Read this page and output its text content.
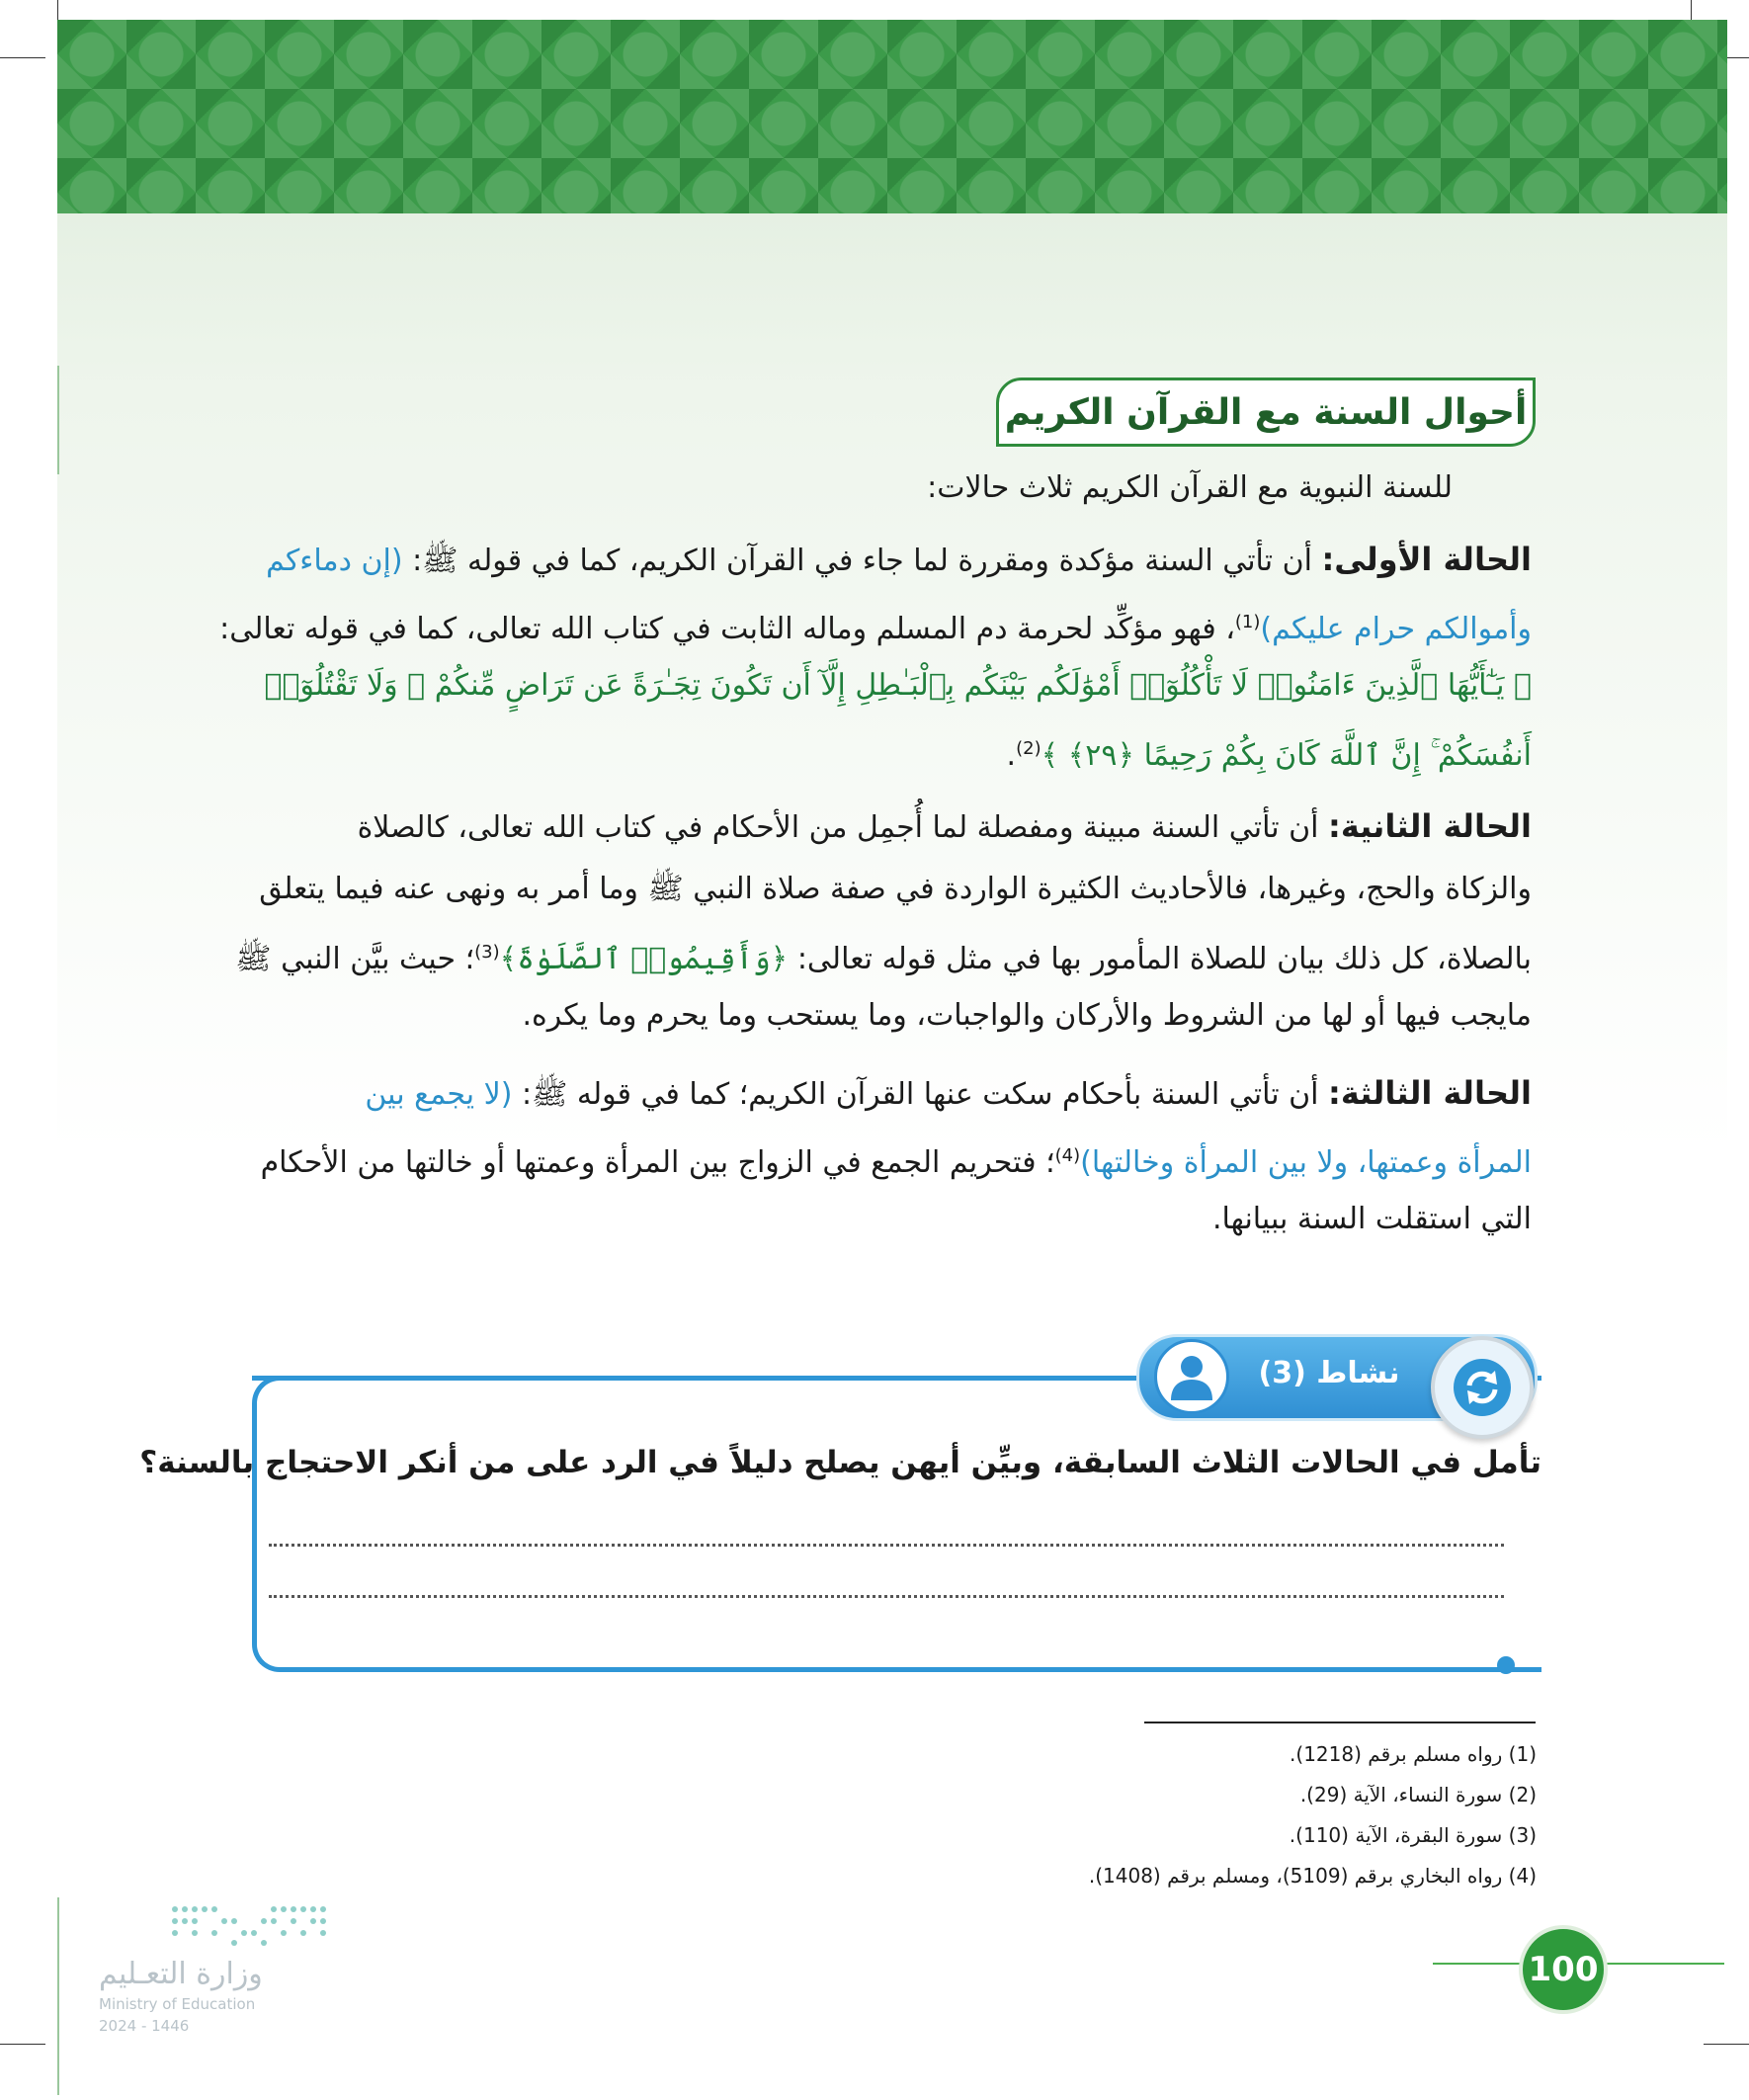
أحوال السنة مع القرآن الكريم
للسنة النبوية مع القرآن الكريم ثلاث حالات:
الحالة الأولى: أن تأتي السنة مؤكدة ومقررة لما جاء في القرآن الكريم، كما في قوله ﷺ: (إن دماءكم
وأموالكم حرام عليكم)$^{(1)}$، فهو مؤكِّد لحرمة دم المسلم وماله الثابت في كتاب الله تعالى، كما في قوله تعالى:
﴿ يَـٰٓأَيُّهَا ٱلَّذِينَ ءَامَنُوا۟ لَا تَأْكُلُوٓا۟ أَمْوَٰلَكُم بَيْنَكُم بِٱلْبَـٰطِلِ إِلَّآ أَن تَكُونَ تِجَـٰرَةً عَن تَرَاضٍ مِّنكُمْ ۚ وَلَا تَقْتُلُوٓا۟
أَنفُسَكُمْ ۚ إِنَّ ٱللَّهَ كَانَ بِكُمْ رَحِيمًا ﴿٢٩﴾ ﴾$^{(2)}$.
الحالة الثانية: أن تأتي السنة مبينة ومفصلة لما أُجمِل من الأحكام في كتاب الله تعالى، كالصلاة
والزكاة والحج، وغيرها، فالأحاديث الكثيرة الواردة في صفة صلاة النبي ﷺ وما أمر به ونهى عنه فيما يتعلق
بالصلاة، كل ذلك بيان للصلاة المأمور بها في مثل قوله تعالى: ﴿وَأَقِيمُوا۟ ٱلصَّلَوٰةَ﴾$^{(3)}$؛ حيث بيَّن النبي ﷺ
مايجب فيها أو لها من الشروط والأركان والواجبات، وما يستحب وما يحرم وما يكره.
الحالة الثالثة: أن تأتي السنة بأحكام سكت عنها القرآن الكريم؛ كما في قوله ﷺ: (لا يجمع بين
المرأة وعمتها، ولا بين المرأة وخالتها)$^{(4)}$؛ فتحريم الجمع في الزواج بين المرأة وعمتها أو خالتها من الأحكام
التي استقلت السنة ببيانها.
نشاط (3)
تأمل في الحالات الثلاث السابقة، وبيِّن أيهن يصلح دليلاً في الرد على من أنكر الاحتجاج بالسنة؟
(1) رواه مسلم برقم (1218).
(2) سورة النساء، الآية (29).
(3) سورة البقرة، الآية (110).
(4) رواه البخاري برقم (5109)، ومسلم برقم (1408).
وزارة التعـليم
Ministry of Education
2024 - 1446
100
